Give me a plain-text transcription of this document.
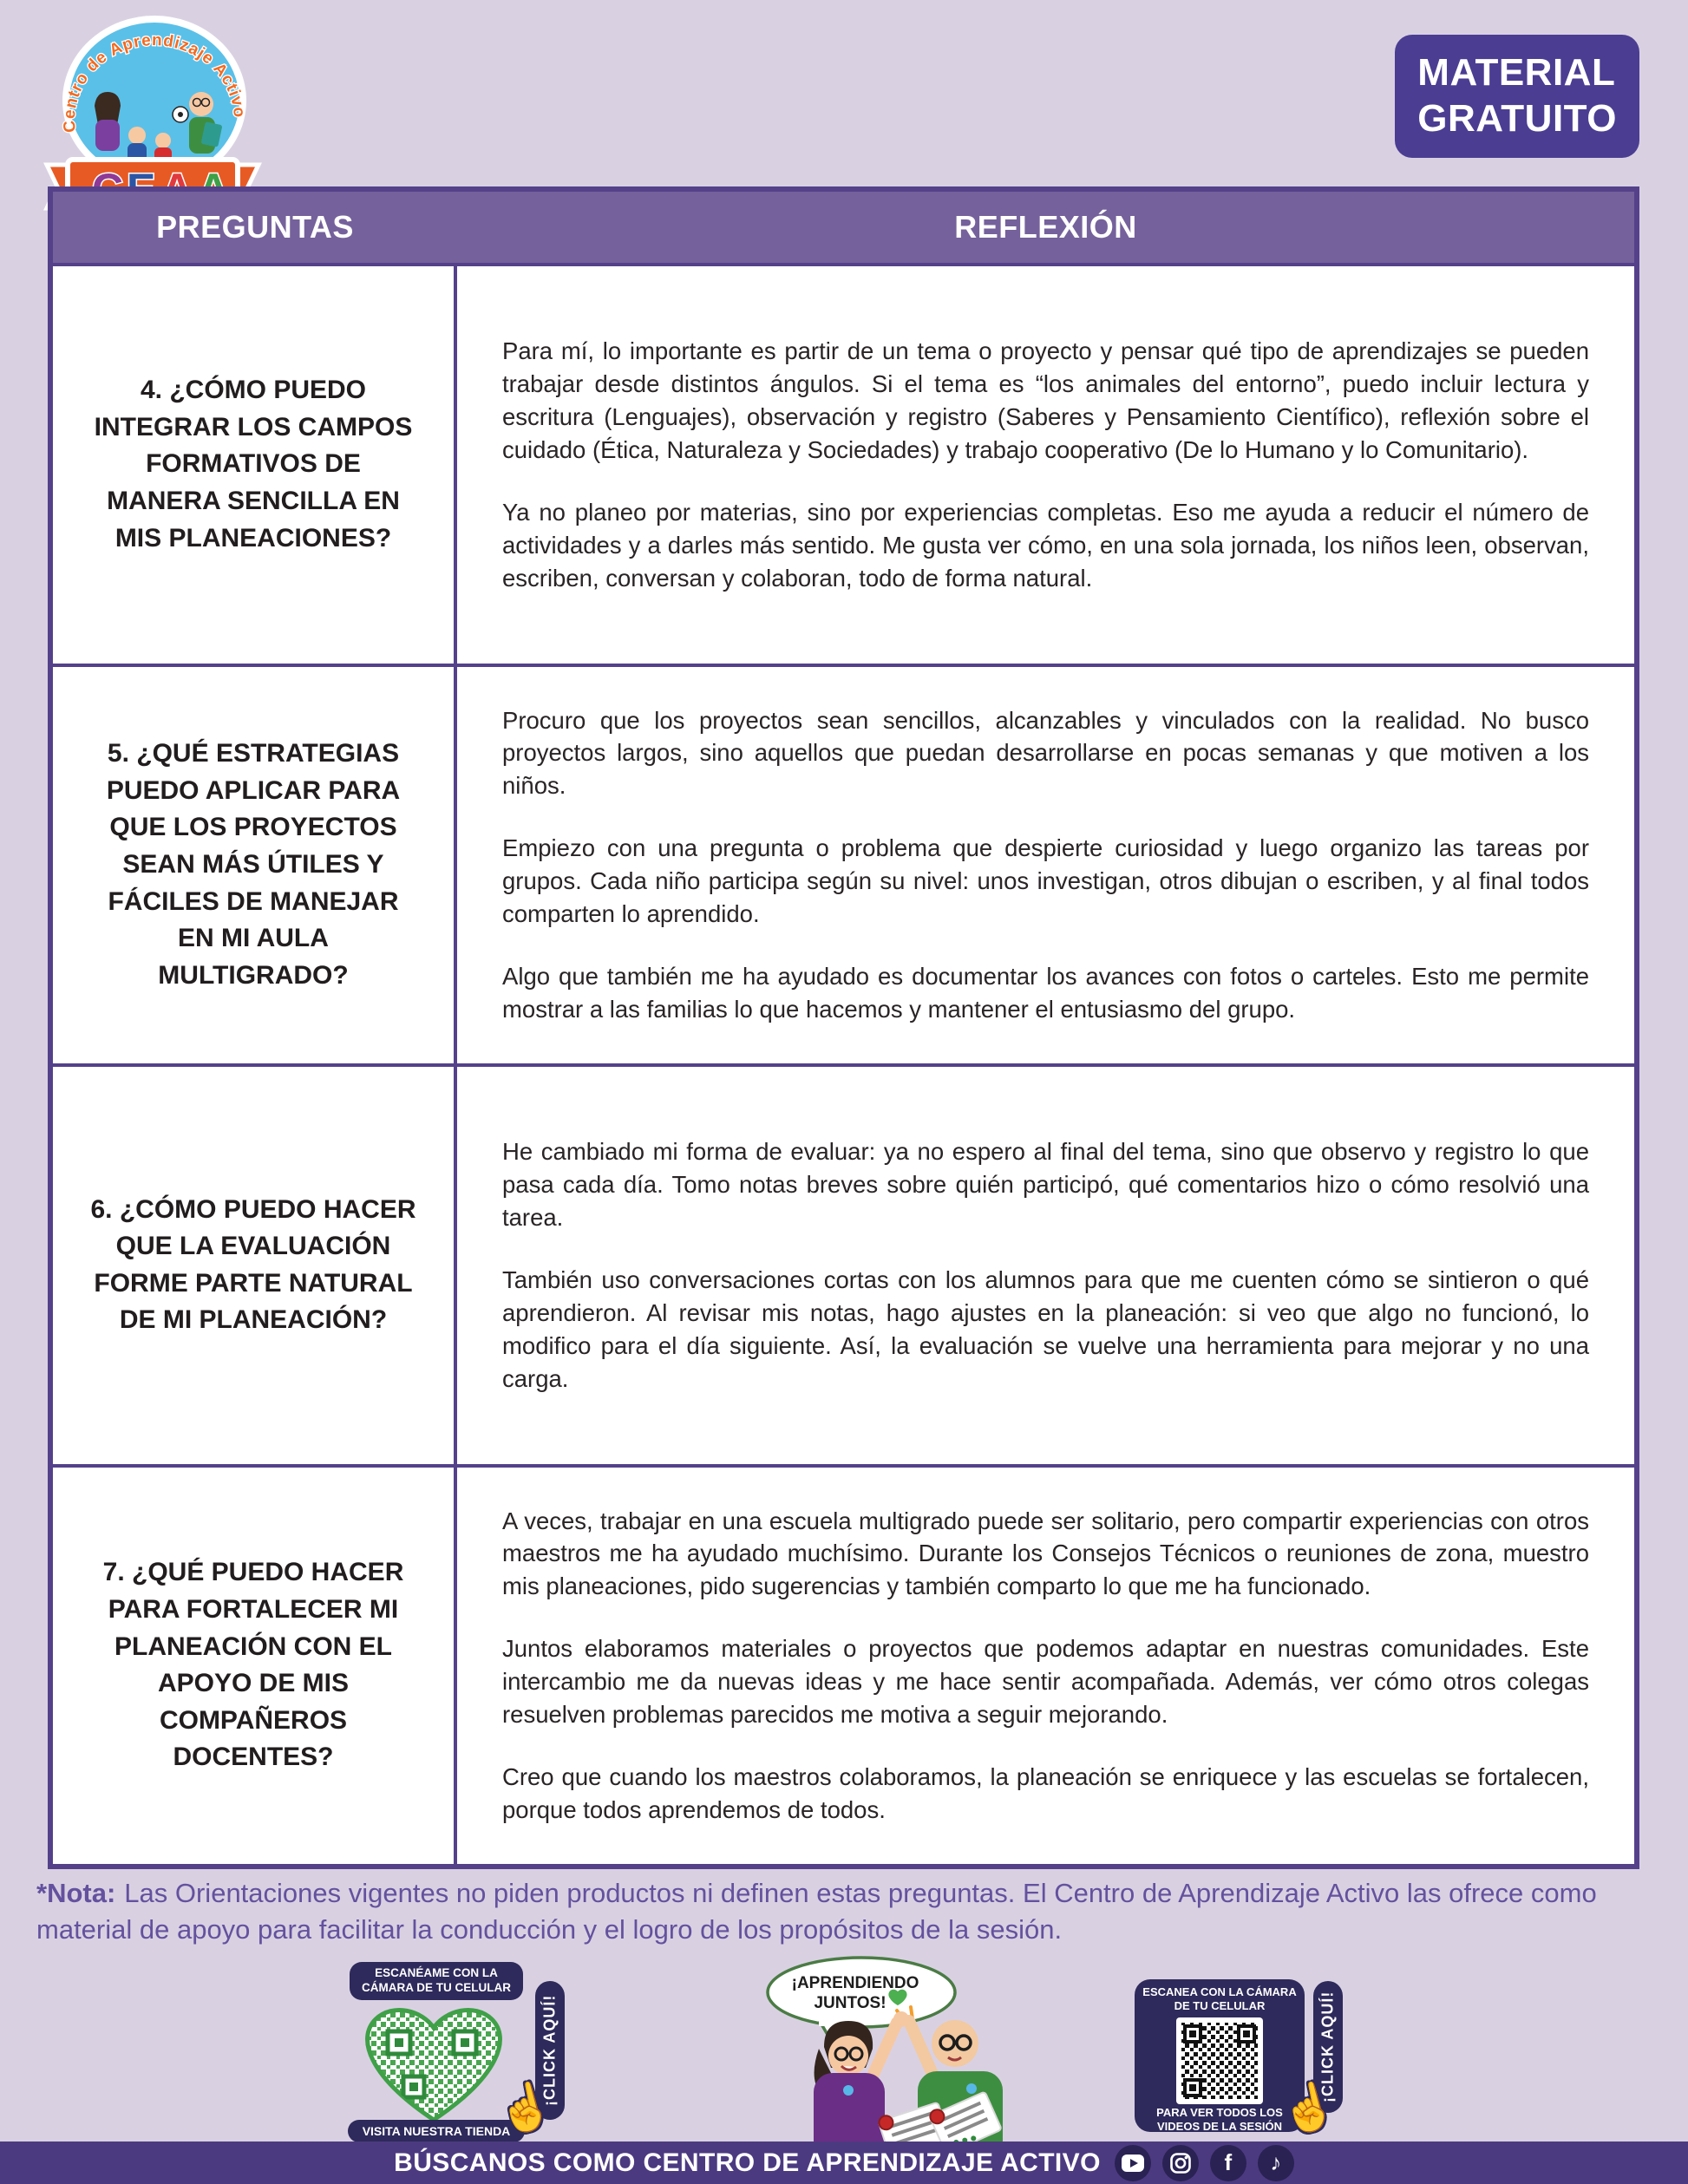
Centro de Aprendizaje Activo
MATERIAL
GRATUITO
PREGUNTAS	REFLEXIÓN
4. ¿CÓMO PUEDO INTEGRAR LOS CAMPOS FORMATIVOS DE MANERA SENCILLA EN MIS PLANEACIONES?

Para mí, lo importante es partir de un tema o proyecto y pensar qué tipo de aprendizajes se pueden trabajar desde distintos ángulos. Si el tema es “los animales del entorno”, puedo incluir lectura y escritura (Lenguajes), observación y registro (Saberes y Pensamiento Científico), reflexión sobre el cuidado (Ética, Naturaleza y Sociedades) y trabajo cooperativo (De lo Humano y lo Comunitario).

Ya no planeo por materias, sino por experiencias completas. Eso me ayuda a reducir el número de actividades y a darles más sentido. Me gusta ver cómo, en una sola jornada, los niños leen, observan, escriben, conversan y colaboran, todo de forma natural.

5. ¿QUÉ ESTRATEGIAS PUEDO APLICAR PARA QUE LOS PROYECTOS SEAN MÁS ÚTILES Y FÁCILES DE MANEJAR EN MI AULA MULTIGRADO?

Procuro que los proyectos sean sencillos, alcanzables y vinculados con la realidad. No busco proyectos largos, sino aquellos que puedan desarrollarse en pocas semanas y que motiven a los niños.

Empiezo con una pregunta o problema que despierte curiosidad y luego organizo las tareas por grupos. Cada niño participa según su nivel: unos investigan, otros dibujan o escriben, y al final todos comparten lo aprendido.

Algo que también me ha ayudado es documentar los avances con fotos o carteles. Esto me permite mostrar a las familias lo que hacemos y mantener el entusiasmo del grupo.

6. ¿CÓMO PUEDO HACER QUE LA EVALUACIÓN FORME PARTE NATURAL DE MI PLANEACIÓN?

He cambiado mi forma de evaluar: ya no espero al final del tema, sino que observo y registro lo que pasa cada día. Tomo notas breves sobre quién participó, qué comentarios hizo o cómo resolvió una tarea.

También uso conversaciones cortas con los alumnos para que me cuenten cómo se sintieron o qué aprendieron. Al revisar mis notas, hago ajustes en la planeación: si veo que algo no funcionó, lo modifico para el día siguiente. Así, la evaluación se vuelve una herramienta para mejorar y no una carga.

7. ¿QUÉ PUEDO HACER PARA FORTALECER MI PLANEACIÓN CON EL APOYO DE MIS COMPAÑEROS DOCENTES?

A veces, trabajar en una escuela multigrado puede ser solitario, pero compartir experiencias con otros maestros me ha ayudado muchísimo. Durante los Consejos Técnicos o reuniones de zona, muestro mis planeaciones, pido sugerencias y también comparto lo que me ha funcionado.

Juntos elaboramos materiales o proyectos que podemos adaptar en nuestras comunidades. Este intercambio me da nuevas ideas y me hace sentir acompañada. Además, ver cómo otros colegas resuelven problemas parecidos me motiva a seguir mejorando.

Creo que cuando los maestros colaboramos, la planeación se enriquece y las escuelas se fortalecen, porque todos aprendemos de todos.

*Nota: Las Orientaciones vigentes no piden productos ni definen estas preguntas. El Centro de Aprendizaje Activo las ofrece como material de apoyo para facilitar la conducción y el logro de los propósitos de la sesión.
ESCANÉAME CON LA CÁMARA DE TU CELULAR
VISITA NUESTRA TIENDA
¡CLICK AQUÍ!
☝
¡APRENDIENDO
JUNTOS!
ESCANEA CON LA CÁMARA DE TU CELULAR
PARA VER TODOS LOS VIDEOS DE LA SESIÓN
¡CLICK AQUÍ!
☝
BÚSCANOS COMO CENTRO DE APRENDIZAJE ACTIVO	f	♪
